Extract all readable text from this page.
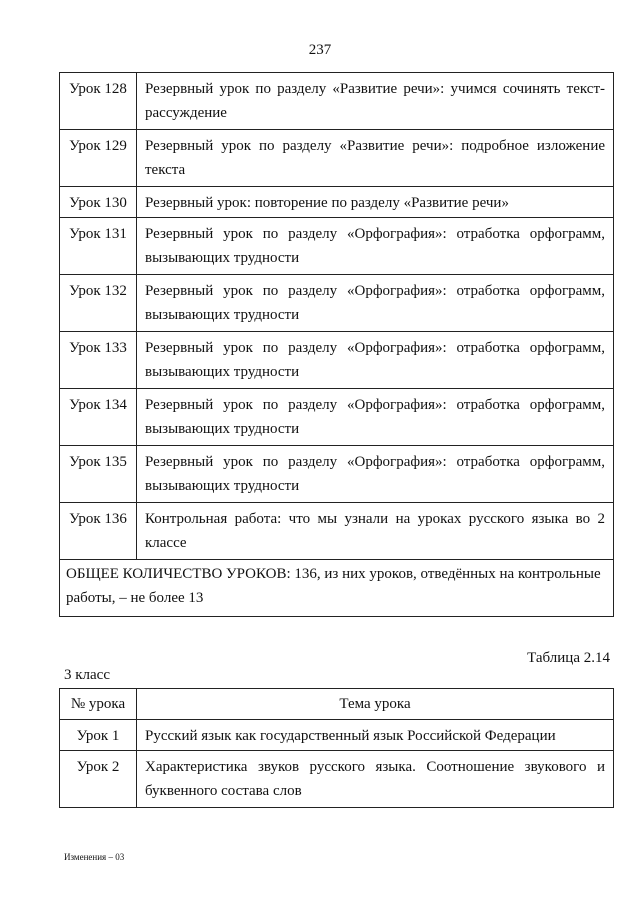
237
Урок 128	Резервный урок по разделу «Развитие речи»: учимся сочинять текст-рассуждение
Урок 129	Резервный урок по разделу «Развитие речи»: подробное изложение текста
Урок 130	Резервный урок: повторение по разделу «Развитие речи»
Урок 131	Резервный урок по разделу «Орфография»: отработка орфограмм, вызывающих трудности
Урок 132	Резервный урок по разделу «Орфография»: отработка орфограмм, вызывающих трудности
Урок 133	Резервный урок по разделу «Орфография»: отработка орфограмм, вызывающих трудности
Урок 134	Резервный урок по разделу «Орфография»: отработка орфограмм, вызывающих трудности
Урок 135	Резервный урок по разделу «Орфография»: отработка орфограмм, вызывающих трудности
Урок 136	Контрольная работа: что мы узнали на уроках русского языка во 2 классе
ОБЩЕЕ КОЛИЧЕСТВО УРОКОВ: 136, из них уроков, отведённых на контрольные работы, – не более 13	
Таблица 2.14
3 класс
№ урока	Тема урока
Урок 1	Русский язык как государственный язык Российской Федерации
Урок 2	Характеристика звуков русского языка. Соотношение звукового и буквенного состава слов
Изменения – 03
